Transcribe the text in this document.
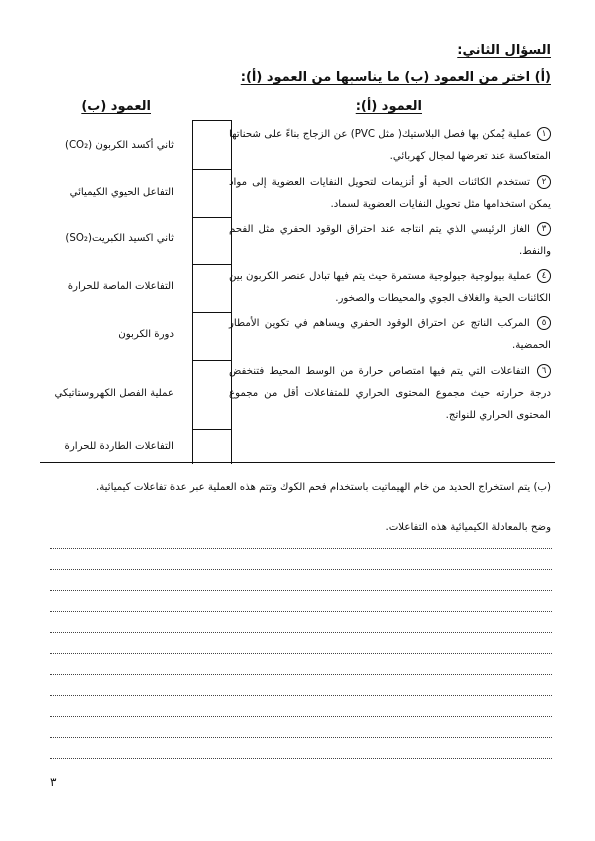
السؤال الثاني:
(أ) اختر من العمود (ب) ما يناسبها من العمود (أ):
العمود (أ):
العمود (ب)
١ عملية يُمكن بها فصل البلاستيك( مثل PVC) عن الزجاج بناءً على شحناتها المتعاكسة عند تعرضها لمجال كهربائي.
٢ تستخدم الكائنات الحية أو أنزيمات لتحويل النفايات العضوية إلى مواد يمكن استخدامها مثل تحويل النفايات العضوية لسماد.
٣ الغاز الرئيسي الذي يتم انتاجه عند احتراق الوقود الحفري مثل الفحم والنفط.
٤ عملية بيولوجية جيولوجية مستمرة حيث يتم فيها تبادل عنصر الكربون بين الكائنات الحية والغلاف الجوي والمحيطات والصخور.
٥ المركب الناتج عن احتراق الوقود الحفري ويساهم في تكوين الأمطار الحمضية.
٦ التفاعلات التي يتم فيها امتصاص حرارة من الوسط المحيط فتنخفض درجة حرارته حيث مجموع المحتوى الحراري للمتفاعلات أقل من مجموع المحتوى الحراري للنواتج.
ثاني أكسد الكربون (CO₂)
التفاعل الحيوي الكيميائي
ثاني اكسيد الكبريت(SO₂)
التفاعلات الماصة للحرارة
دورة الكربون
عملية الفصل الكهروستاتيكي
التفاعلات الطاردة للحرارة
(ب) يتم استخراج الحديد من خام الهيماتيت باستخدام فحم الكوك وتتم هذه العملية عبر عدة تفاعلات كيميائية.
وضح بالمعادلة الكيميائية هذه التفاعلات.
٣
